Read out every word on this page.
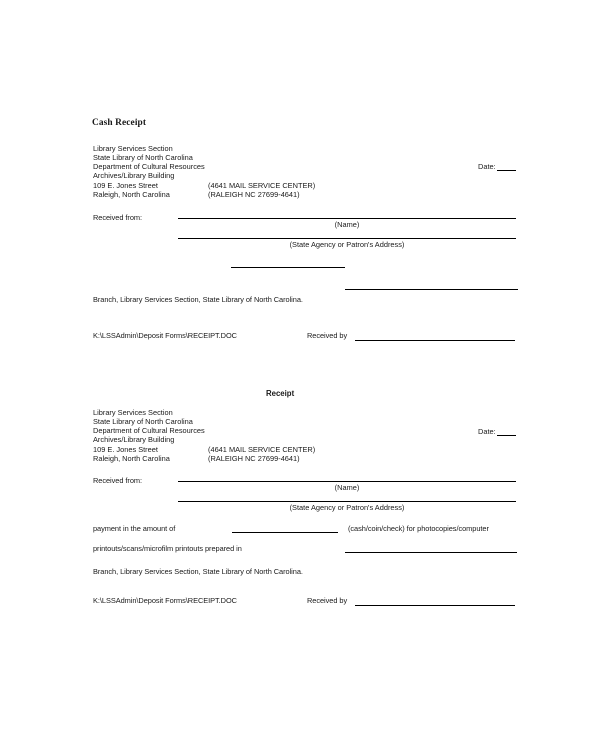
Cash Receipt
Library Services Section
State Library of North Carolina
Department of Cultural Resources
Archives/Library Building
109 E. Jones Street	(4641 MAIL SERVICE CENTER)
Raleigh, North Carolina	(RALEIGH NC 27699-4641)
Date:
Received from:
(Name)
(State Agency or Patron's Address)
Branch, Library Services Section, State Library of North Carolina.
K:\LSSAdmin\Deposit Forms\RECEIPT.DOC	Received by
Receipt
Library Services Section
State Library of North Carolina
Department of Cultural Resources
Archives/Library Building
109 E. Jones Street	(4641 MAIL SERVICE CENTER)
Raleigh, North Carolina	(RALEIGH NC 27699-4641)
Date:
Received from:
(Name)
(State Agency or Patron's Address)
payment in the amount of	(cash/coin/check) for photocopies/computer
printouts/scans/microfilm printouts prepared in
Branch, Library Services Section, State Library of North Carolina.
K:\LSSAdmin\Deposit Forms\RECEIPT.DOC	Received by
